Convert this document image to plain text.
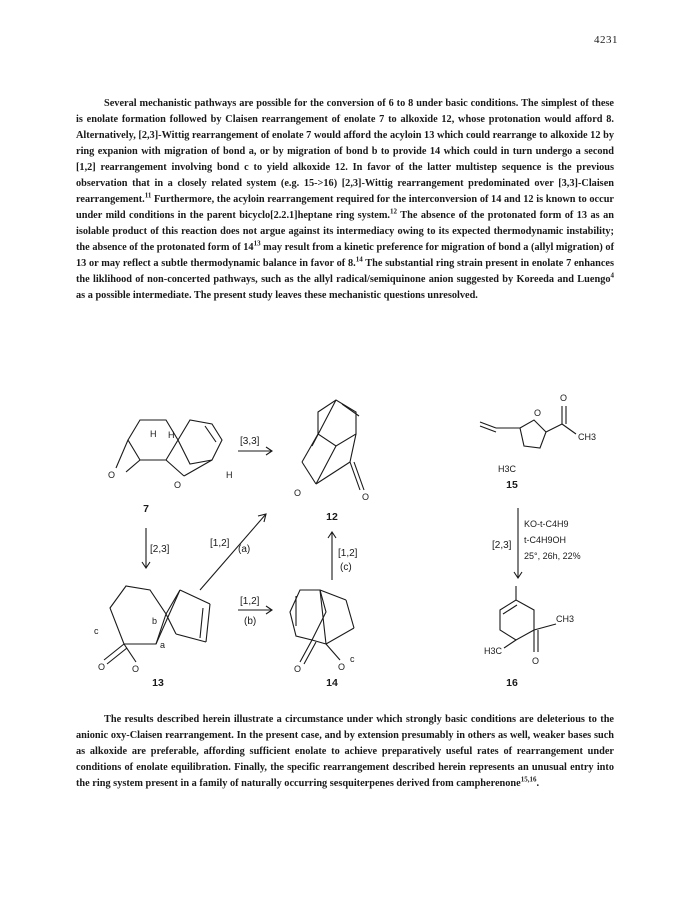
4231

Several mechanistic pathways are possible for the conversion of 6 to 8 under basic conditions. The simplest of these is enolate formation followed by Claisen rearrangement of enolate 7 to alkoxide 12, whose protonation would afford 8. Alternatively, [2,3]-Wittig rearrangement of enolate 7 would afford the acyloin 13 which could rearrange to alkoxide 12 by ring expanion with migration of bond a, or by migration of bond b to provide 14 which could in turn undergo a second [1,2] rearrangement involving bond c to yield alkoxide 12. In favor of the latter multistep sequence is the previous observation that in a closely related system (e.g. 15->16) [2,3]-Wittig rearrangement predominated over [3,3]-Claisen rearrangement.$^{11}$ Furthermore, the acyloin rearrangement required for the interconversion of 14 and 12 is known to occur under mild conditions in the parent bicyclo[2.2.1]heptane ring system.$^{12}$ The absence of the protonated form of 13 as an isolable product of this reaction does not argue against its intermediacy owing to its expected thermodynamic instability; the absence of the protonated form of $14^{13}$ may result from a kinetic preference for migration of bond a (allyl migration) of 13 or may reflect a subtle thermodynamic balance in favor of 8.14 The substantial ring strain present in enolate 7 enhances the liklihood of non-concerted pathways, such as the allyl radical/semiquinone anion suggested by Koreeda and Luengo$^4$ as a possible intermediate. The present study leaves these mechanistic questions unresolved.

7
12
15
13	14	16
[3,3]
[2,3]
[1,2]
(a)
[1,2]
(b)
[1,2]
(c)
[2,3]
KO-t-C4H9
t-C4H9OH
25°, 26h, 22%
H H
H
O
O
O	O
O
O
CH3
H3C
O	O	O	O
CH3
H3C
O
c
b
a
c

The results described herein illustrate a circumstance under which strongly basic conditions are deleterious to the anionic oxy-Claisen rearrangement. In the present case, and by extension presumably in others as well, weaker bases such as alkoxide are preferable, affording sufficient enolate to achieve preparatively useful rates of rearrangement under conditions of enolate equilibration. Finally, the specific rearrangement described herein represents an unusual entry into the ring system present in a family of naturally occurring sesquiterpenes derived from campherenone$^{15,16}$.
